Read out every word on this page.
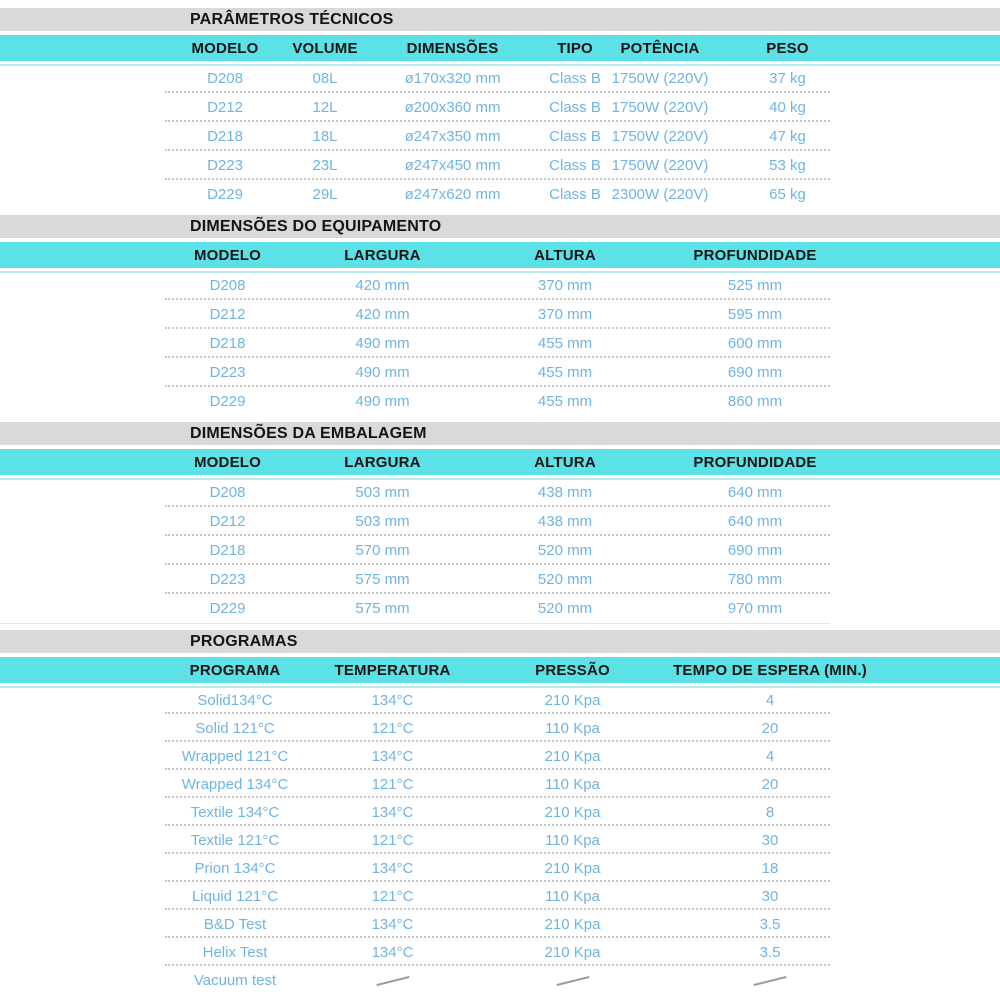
PARÂMETROS TÉCNICOS
MODELO	VOLUME	DIMENSÕES	TIPO	POTÊNCIA	PESO
D208	08L	ø170x320 mm	Class B 1750W (220V)	37 kg
D212	12L	ø200x360 mm	Class B 1750W (220V)	40 kg
D218	18L	ø247x350 mm	Class B 1750W (220V)	47 kg
D223	23L	ø247x450 mm	Class B 1750W (220V)	53 kg
D229	29L	ø247x620 mm	Class B 2300W (220V)	65 kg
DIMENSÕES DO EQUIPAMENTO
MODELO	LARGURA	ALTURA	PROFUNDIDADE
D208	420 mm	370 mm	525 mm
D212	420 mm	370 mm	595 mm
D218	490 mm	455 mm	600 mm
D223	490 mm	455 mm	690 mm
D229	490 mm	455 mm	860 mm
DIMENSÕES DA EMBALAGEM
MODELO	LARGURA	ALTURA	PROFUNDIDADE
D208	503 mm	438 mm	640 mm
D212	503 mm	438 mm	640 mm
D218	570 mm	520 mm	690 mm
D223	575 mm	520 mm	780 mm
D229	575 mm	520 mm	970 mm
PROGRAMAS
PROGRAMA	TEMPERATURA	PRESSÃO	TEMPO DE ESPERA (MIN.)
Solid134°C	134°C	210 Kpa	4
Solid 121°C	121°C	110 Kpa	20
Wrapped 121°C	134°C	210 Kpa	4
Wrapped 134°C	121°C	110 Kpa	20
Textile 134°C	134°C	210 Kpa	8
Textile 121°C	121°C	110 Kpa	30
Prion 134°C	134°C	210 Kpa	18
Liquid 121°C	121°C	110 Kpa	30
B&D Test	134°C	210 Kpa	3.5
Helix Test	134°C	210 Kpa	3.5
Vacuum test
